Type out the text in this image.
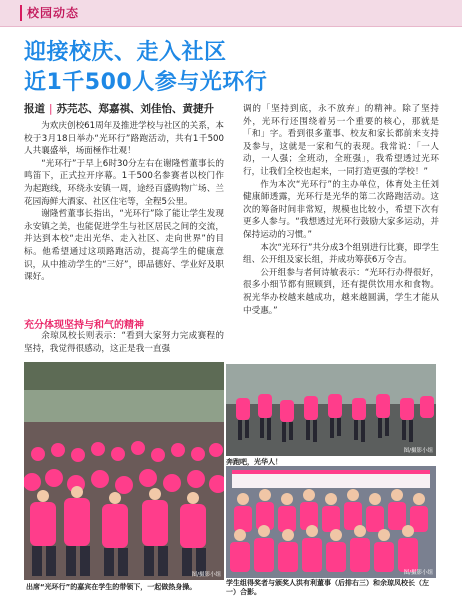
校园动态
迎接校庆、走入社区
近1千500人参与光环行
报道 | 苏芫芯、郑嘉祺、刘佳怡、黄捷升

为欢庆创校61周年及推进学校与社区的关系，本校于3月18日举办“光环行”路跑活动，共有1千500人共襄盛举，场面極作壮观！

“光环行”于早上6时30分左右在谢隆哲董事长的鸣笛下，正式拉开序幕。1千500名参赛者以校门作为起跑线，环绕永安镇一周，途经百盛购物广场、兰花园海鲜大酒家、社区住宅等，全程5公里。

谢隆哲董事长指出，“光环行”除了能让学生发现永安镇之美，也能促进学生与社区居民之间的交流，并达到本校“走出光华、走入社区、走向世界”的目标。他希望通过这项路跑活动，提高学生的健康意识，从中推动学生的“三好”，即品德好、学业好及职课好。

充分体现坚持与和气的精神

余琼凤校长则表示：“看到大家努力完成赛程的坚持，我觉得很感动，这正是我一直强

调的「坚持到底，永不放弃」的精神。除了坚持外，光环行还围绕着另一个重要的核心，那就是「和」字。看到很多董事、校友和家长都前来支持及参与，这就是一家和气的表现。我常说：「一人动，一人强；全班动，全班强」，我希望透过光环行，让我们全校也起来，一同打造更强的学校！”

作为本次“光环行”的主办单位，体育处主任刘健康師透露，光环行是光华的第二次路跑活动。这次的筹备时间非常短，规模也比较小，希望下次有更多人参与。“我想透过光环行鼓励大家多运动，并保持运动的习惯。”

本次“光环行”共分成3个组别进行比赛，即学生组、公开组及家长组，并成功筹获6万令吉。

公开组参与者何诗敏表示：“光环行办得很好，很多小细节都有照顾到，还有提供饮用水和食物。祝光华办校越来越成功，越来越圆满，学生才能从中受惠。”

图/摄影小组
图/摄影小组
奔跑吧，光华人！
图/摄影小组
出席“光环行”的嘉宾在学生的带领下，一起做热身操。	学生组得奖者与颁奖人洪有利董事（后排右三）和余琼凤校长（左一）合影。
